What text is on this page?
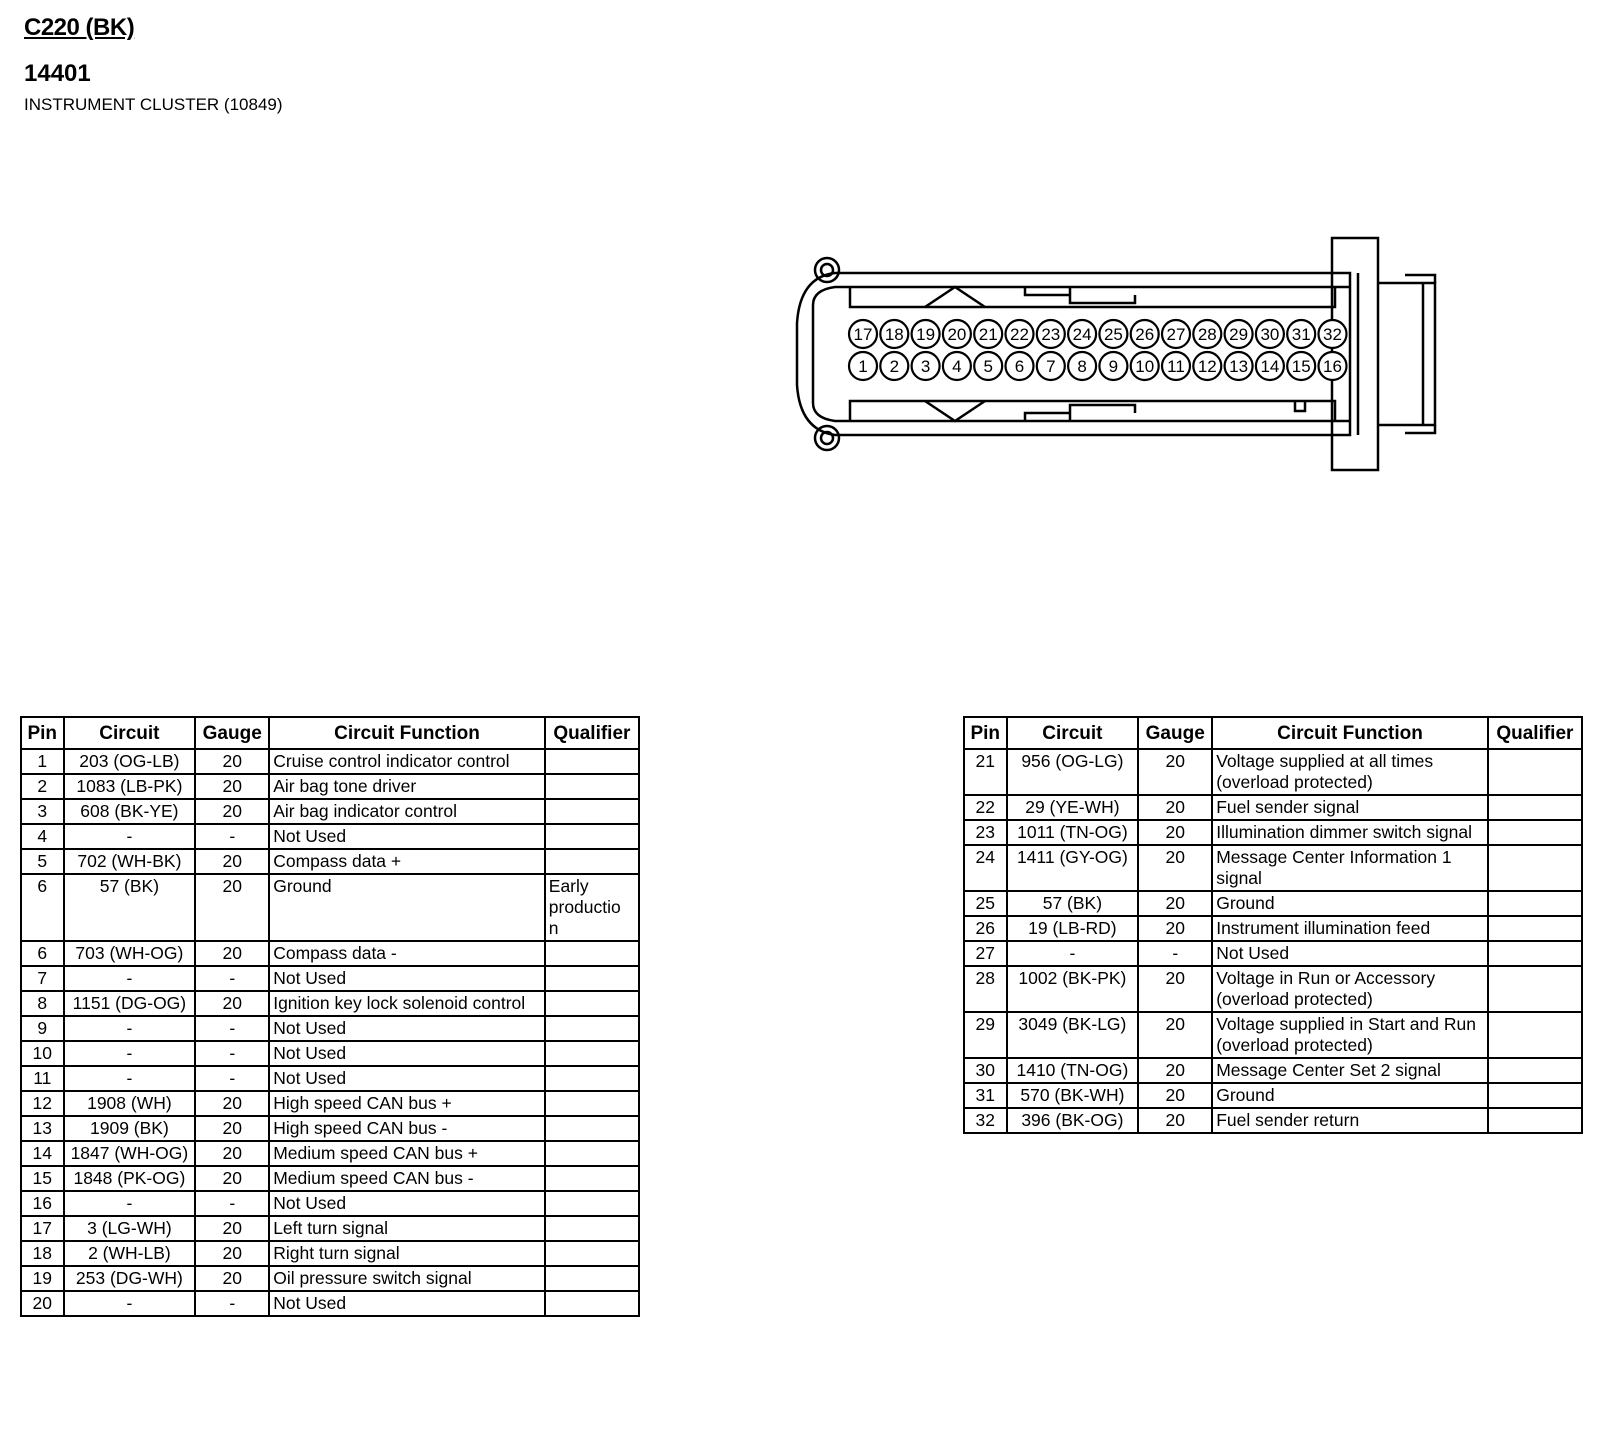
C220 (BK)
14401
INSTRUMENT CLUSTER (10849)
17 18 19 20 21 22 23 24 25 26 27 28 29 30 31 32
1 2 3 4 5 6 7 8 9 10 11 12 13 14 15 16
Pin	Circuit	Gauge	Circuit Function	Qualifier
1	203 (OG-LB)	20	Cruise control indicator control	
2	1083 (LB-PK)	20	Air bag tone driver	
3	608 (BK-YE)	20	Air bag indicator control	
4	-	-	Not Used	
5	702 (WH-BK)	20	Compass data +	
6	57 (BK)	20	Ground	Early productio n
6	703 (WH-OG)	20	Compass data -	
7	-	-	Not Used	
8	1151 (DG-OG)	20	Ignition key lock solenoid control	
9	-	-	Not Used	
10	-	-	Not Used	
11	-	-	Not Used	
12	1908 (WH)	20	High speed CAN bus +	
13	1909 (BK)	20	High speed CAN bus -	
14	1847 (WH-OG)	20	Medium speed CAN bus +	
15	1848 (PK-OG)	20	Medium speed CAN bus -	
16	-	-	Not Used	
17	3 (LG-WH)	20	Left turn signal	
18	2 (WH-LB)	20	Right turn signal	
19	253 (DG-WH)	20	Oil pressure switch signal	
20	-	-	Not Used	
Pin	Circuit	Gauge	Circuit Function	Qualifier
21	956 (OG-LG)	20	Voltage supplied at all times (overload protected)	
22	29 (YE-WH)	20	Fuel sender signal	
23	1011 (TN-OG)	20	Illumination dimmer switch signal	
24	1411 (GY-OG)	20	Message Center Information 1 signal	
25	57 (BK)	20	Ground	
26	19 (LB-RD)	20	Instrument illumination feed	
27	-	-	Not Used	
28	1002 (BK-PK)	20	Voltage in Run or Accessory (overload protected)	
29	3049 (BK-LG)	20	Voltage supplied in Start and Run (overload protected)	
30	1410 (TN-OG)	20	Message Center Set 2 signal	
31	570 (BK-WH)	20	Ground	
32	396 (BK-OG)	20	Fuel sender return	
